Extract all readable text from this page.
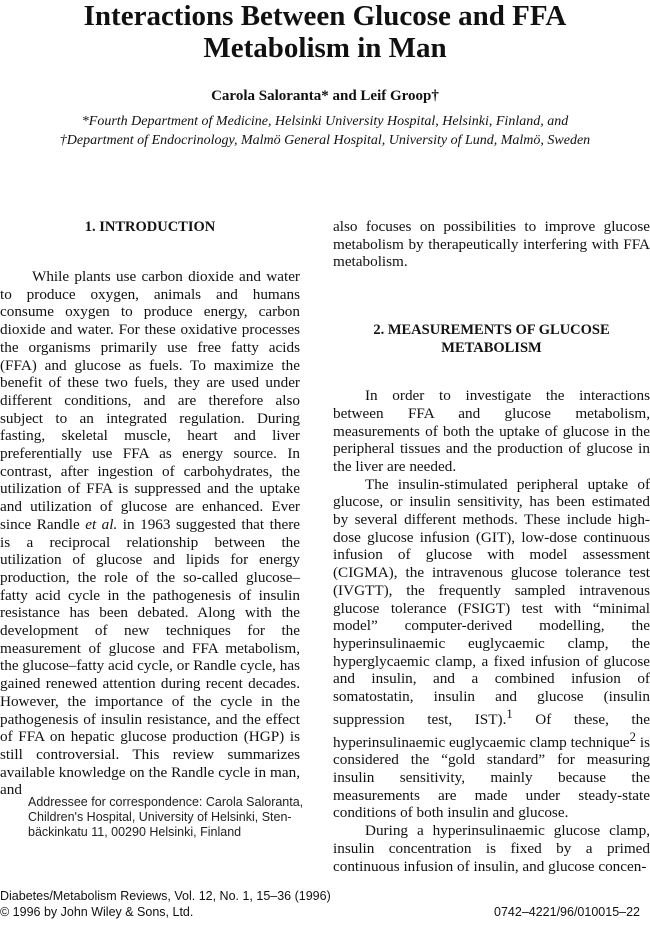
Interactions Between Glucose and FFA
Metabolism in Man
Carola Saloranta* and Leif Groop†
*Fourth Department of Medicine, Helsinki University Hospital, Helsinki, Finland, and
†Department of Endocrinology, Malmö General Hospital, University of Lund, Malmö, Sweden
1. INTRODUCTION

While plants use carbon dioxide and water to produce oxygen, animals and humans consume oxygen to produce energy, carbon dioxide and water. For these oxidative processes the organisms primarily use free fatty acids (FFA) and glucose as fuels. To maximize the benefit of these two fuels, they are used under different conditions, and are therefore also subject to an integrated regulation. During fasting, skeletal muscle, heart and liver preferentially use FFA as energy source. In contrast, after ingestion of carbohydrates, the utilization of FFA is suppressed and the uptake and utilization of glucose are enhanced. Ever since Randle et al. in 1963 suggested that there is a reciprocal relationship between the utilization of glucose and lipids for energy production, the role of the so-called glucose–fatty acid cycle in the pathogenesis of insulin resistance has been debated. Along with the development of new techniques for the measurement of glucose and FFA metabolism, the glucose–fatty acid cycle, or Randle cycle, has gained renewed attention during recent decades. However, the importance of the cycle in the pathogenesis of insulin resistance, and the effect of FFA on hepatic glucose production (HGP) is still controversial. This review summarizes available knowledge on the Randle cycle in man, and

also focuses on possibilities to improve glucose metabolism by therapeutically interfering with FFA metabolism.

2. MEASUREMENTS OF GLUCOSE
METABOLISM

In order to investigate the interactions between FFA and glucose metabolism, measurements of both the uptake of glucose in the peripheral tissues and the production of glucose in the liver are needed.

The insulin-stimulated peripheral uptake of glucose, or insulin sensitivity, has been estimated by several different methods. These include high-dose glucose infusion (GIT), low-dose continuous infusion of glucose with model assessment (CIGMA), the intravenous glucose tolerance test (IVGTT), the frequently sampled intravenous glucose tolerance (FSIGT) test with “minimal model” computer-derived modelling, the hyperinsulinaemic euglycaemic clamp, the hyperglycaemic clamp, a fixed infusion of glucose and insulin, and a combined infusion of somatostatin, insulin and glucose (insulin suppression test, IST).$^1$ Of these, the hyperinsulinaemic euglycaemic clamp technique$^2$ is considered the “gold standard” for measuring insulin sensitivity, mainly because the measurements are made under steady-state conditions of both insulin and glucose.

During a hyperinsulinaemic glucose clamp, insulin concentration is fixed by a primed continuous infusion of insulin, and glucose concen-

Addressee for correspondence: Carola Saloranta,
Children's Hospital, University of Helsinki, Sten-
bäckinkatu 11, 00290 Helsinki, Finland
Diabetes/Metabolism Reviews, Vol. 12, No. 1, 15–36 (1996)
© 1996 by John Wiley & Sons, Ltd.	0742–4221/96/010015–22
